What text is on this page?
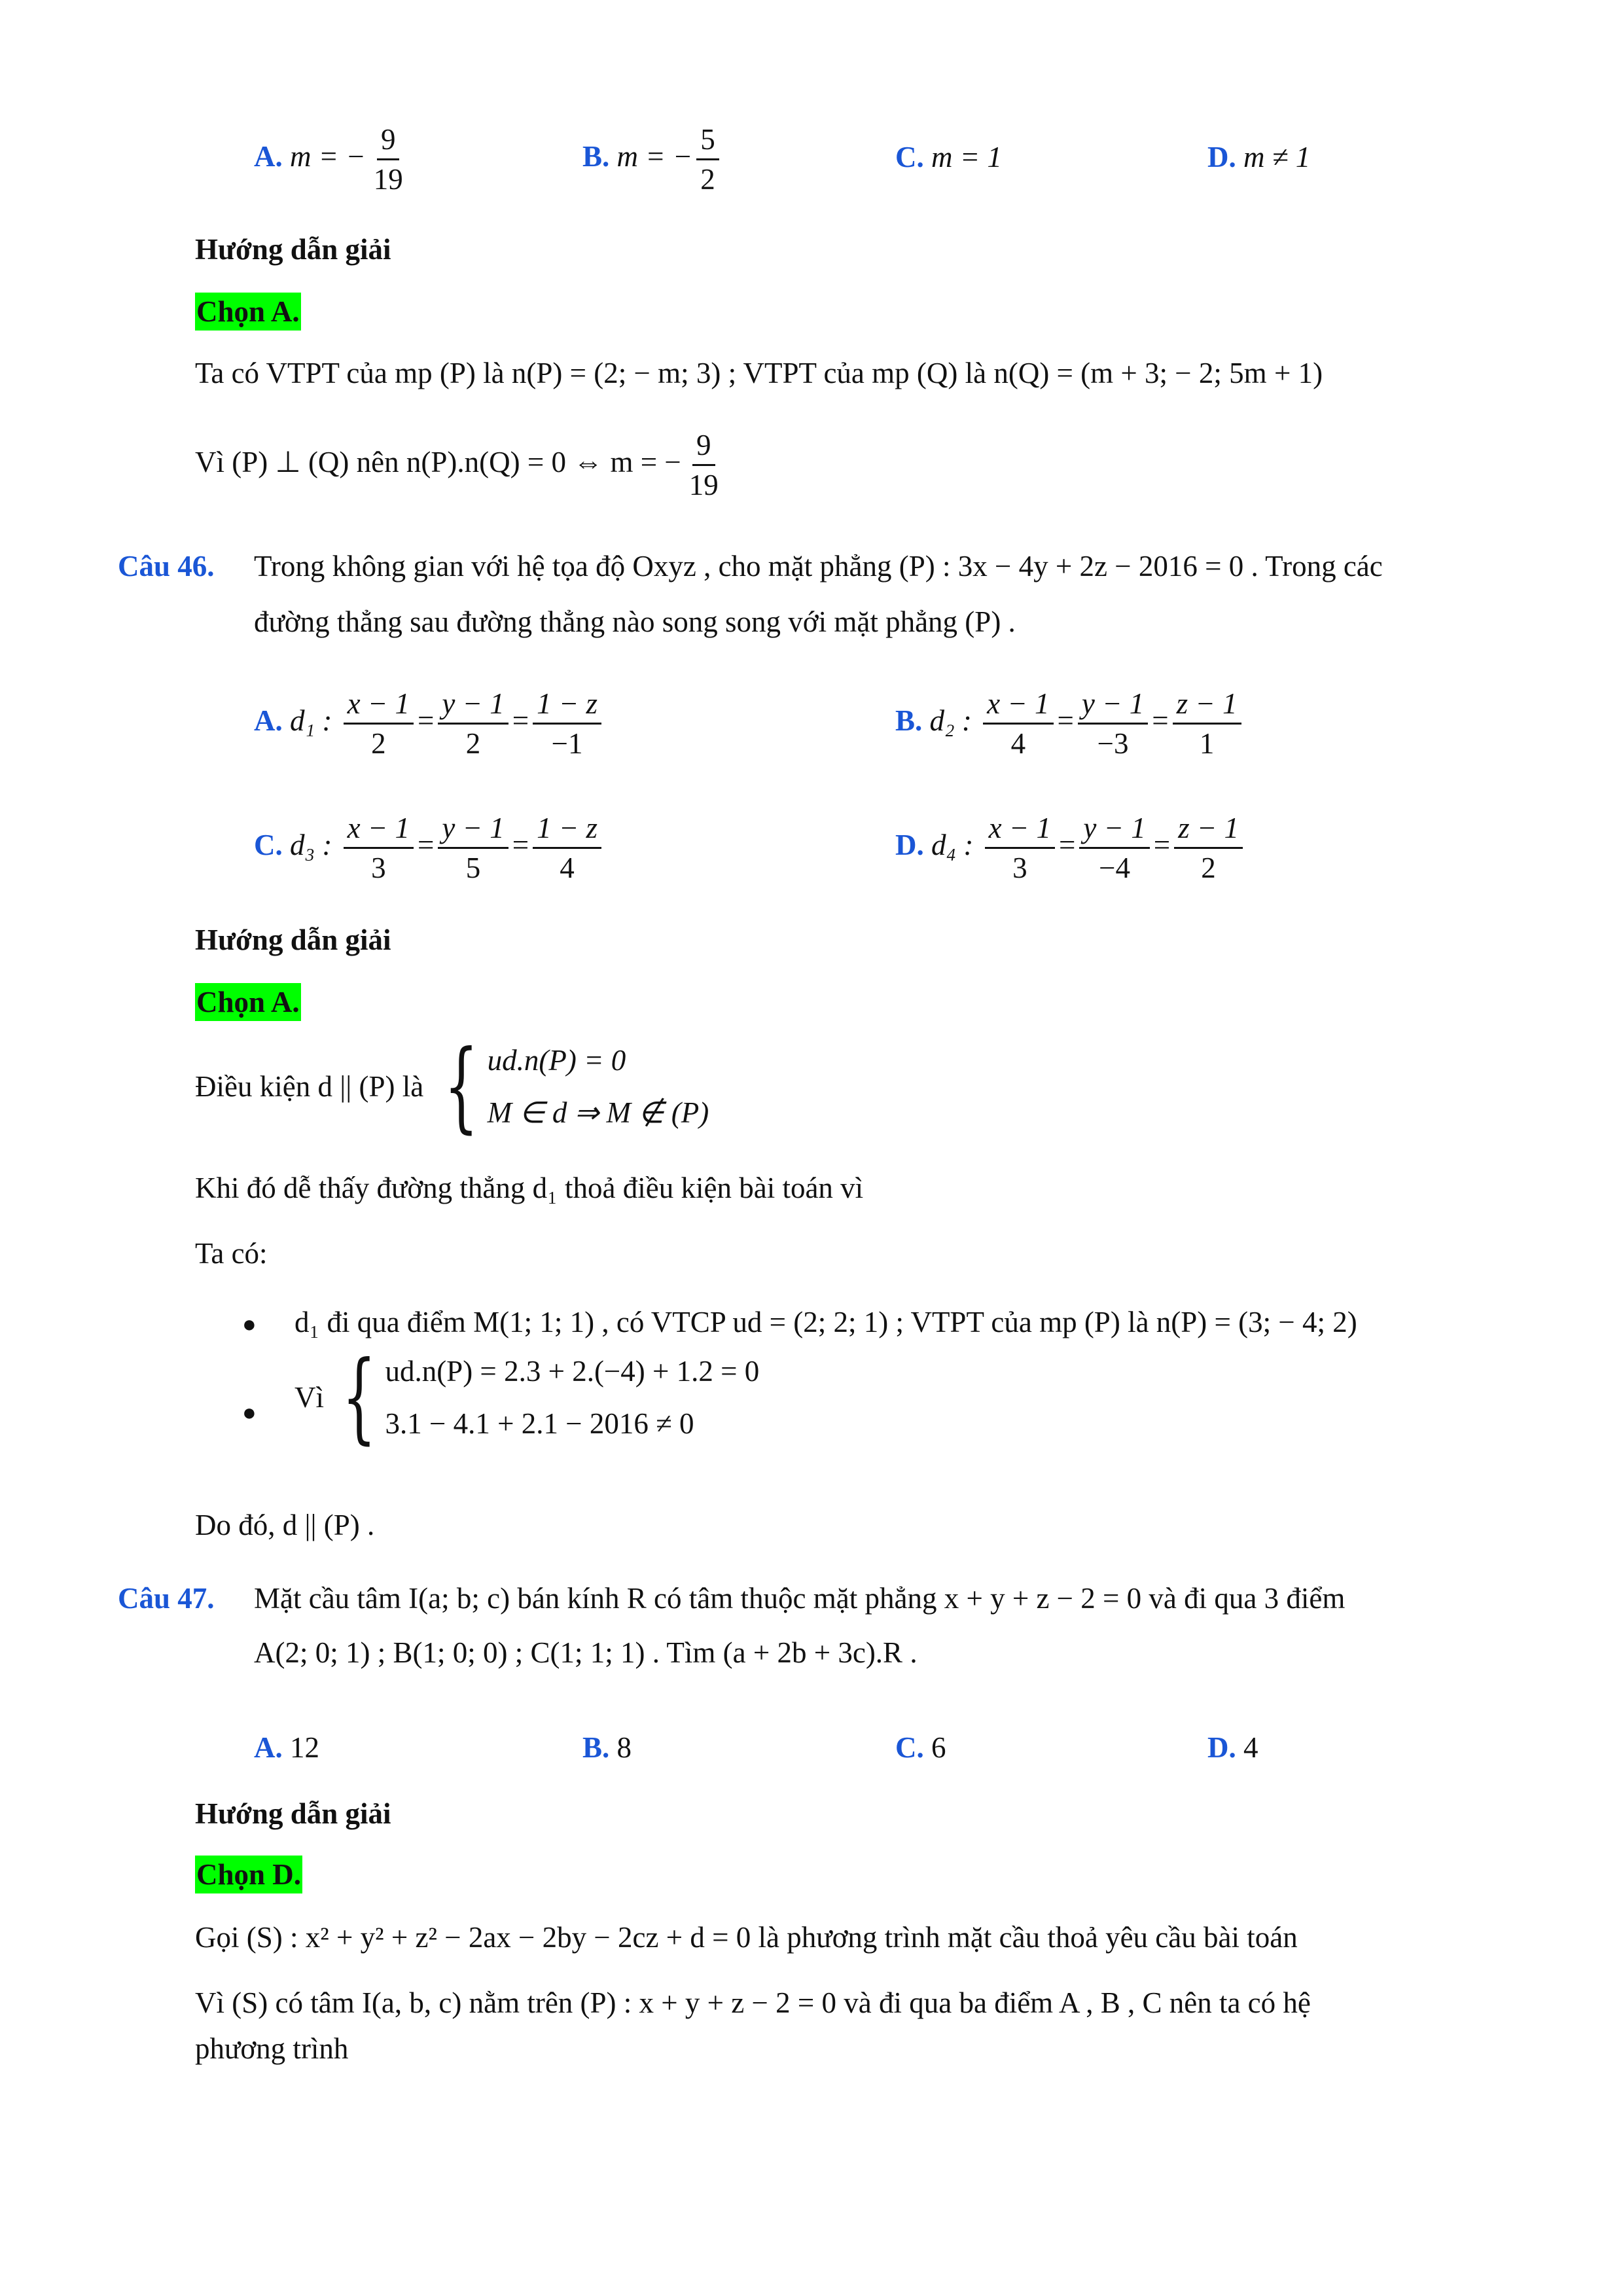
A. m = − $\frac{9}{19}$	B. m = − $\frac{5}{2}$	C. m = 1	D. m ≠ 1
Hướng dẫn giải
Chọn A.
Ta có VTPT của mp (P) là n(P) = (2; − m; 3) ; VTPT của mp (Q) là n(Q) = (m + 3; − 2; 5m + 1)
Vì (P) ⊥ (Q) nên n(P).n(Q) = 0 ⇔ m = − $\frac{9}{19}$
Câu 46. Trong không gian với hệ tọa độ Oxyz , cho mặt phẳng (P) : 3x − 4y + 2z − 2016 = 0 . Trong các
đường thẳng sau đường thẳng nào song song với mặt phẳng (P) .
A. d₁ : $\frac{x - 1}{2} = \frac{y - 1}{2} = \frac{1 - z}{-1}$	B. d₂ : $\frac{x - 1}{4} = \frac{y - 1}{-3} = \frac{z - 1}{1}$
C. d₃ : $\frac{x - 1}{3} = \frac{y - 1}{5} = \frac{1 - z}{4}$	D. d₄ : $\frac{x - 1}{3} = \frac{y - 1}{-4} = \frac{z - 1}{2}$
Hướng dẫn giải
Chọn A.
Điều kiện d || (P) là { ud.n(P) = 0
M ∈ d ⇒ M ∉ (P)
Khi đó dễ thấy đường thẳng d₁ thoả điều kiện bài toán vì
Ta có:
● d₁ đi qua điểm M(1; 1; 1) , có VTCP ud = (2; 2; 1) ; VTPT của mp (P) là n(P) = (3; − 4; 2)
● Vì { ud.n(P) = 2.3 + 2.(−4) + 1.2 = 0
3.1 − 4.1 + 2.1 − 2016 ≠ 0
Do đó, d || (P) .
Câu 47. Mặt cầu tâm I(a; b; c) bán kính R có tâm thuộc mặt phẳng x + y + z − 2 = 0 và đi qua 3 điểm
A(2; 0; 1) ; B(1; 0; 0) ; C(1; 1; 1) . Tìm (a + 2b + 3c).R .
A. 12	B. 8	C. 6	D. 4
Hướng dẫn giải
Chọn D.
Gọi (S) : x² + y² + z² − 2ax − 2by − 2cz + d = 0 là phương trình mặt cầu thoả yêu cầu bài toán
Vì (S) có tâm I(a, b, c) nằm trên (P) : x + y + z − 2 = 0 và đi qua ba điểm A , B , C nên ta có hệ
phương trình
